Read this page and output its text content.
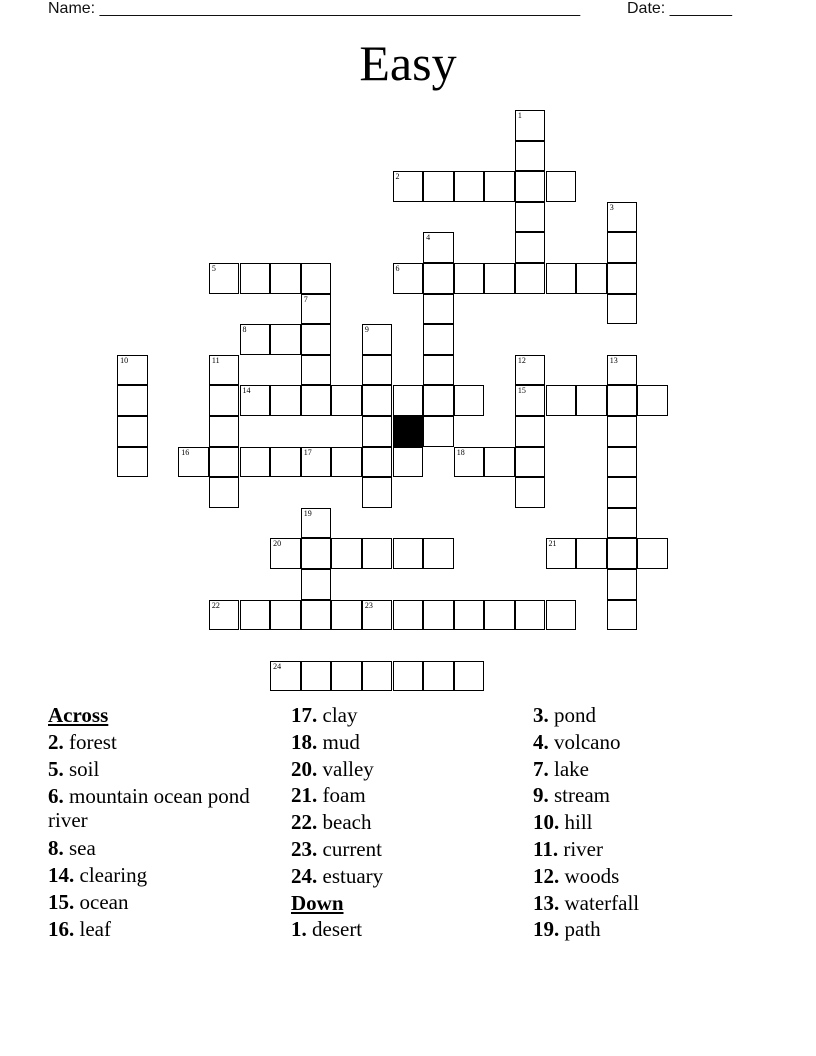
Name: ______________________________________________________	Date: _______
Easy
2
5	6
8
14	15
16	17	18
20	21
22	23
24
1
3
4
7
9
10	11	12	13
19
Across
2. forest
5. soil
6. mountain ocean pond river
8. sea
14. clearing
15. ocean
16. leaf
17. clay
18. mud
20. valley
21. foam
22. beach
23. current
24. estuary
Down
1. desert
3. pond
4. volcano
7. lake
9. stream
10. hill
11. river
12. woods
13. waterfall
19. path
